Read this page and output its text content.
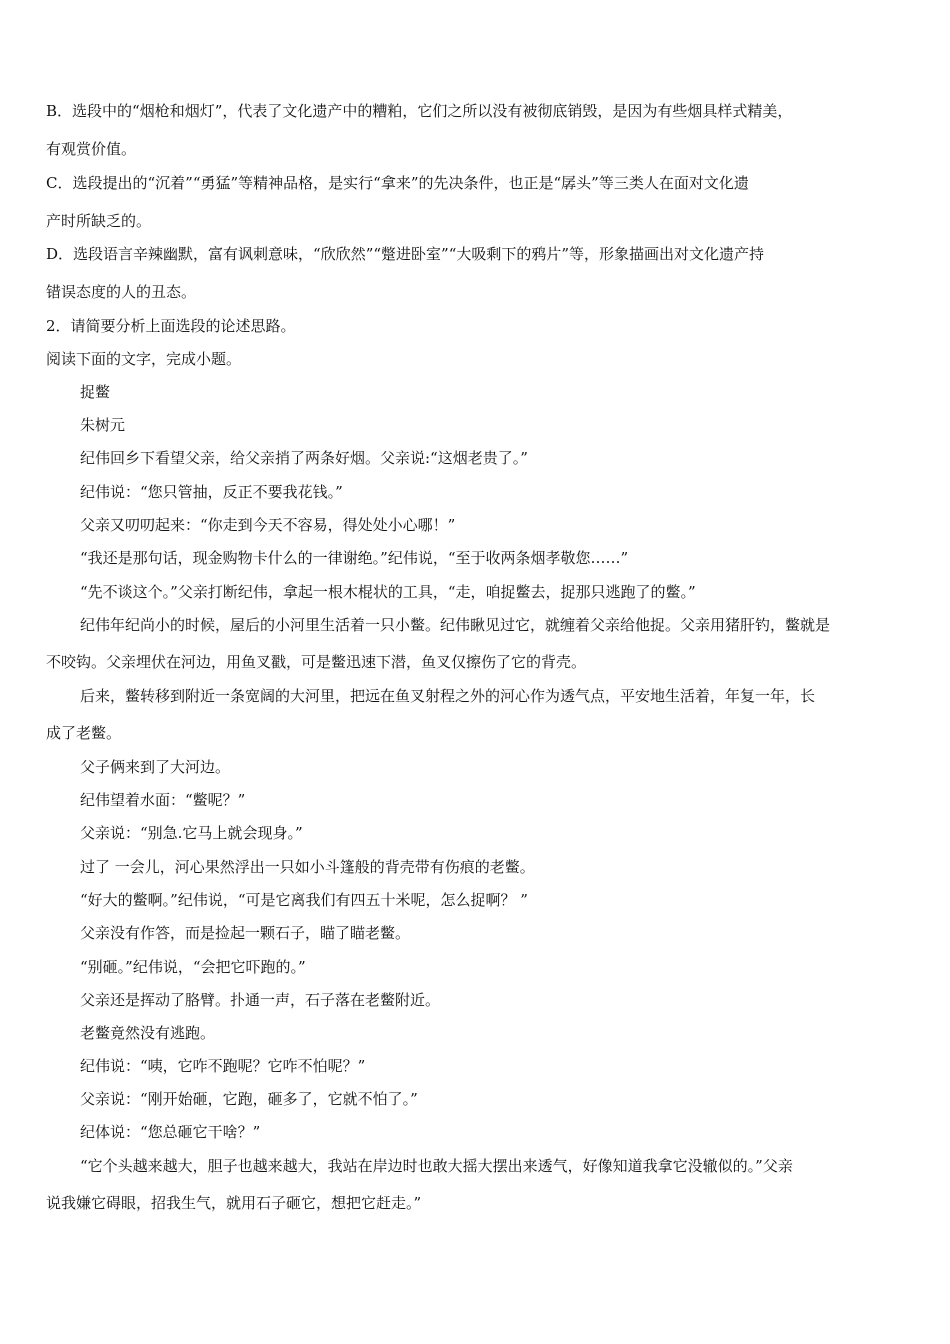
B．选段中的“烟枪和烟灯”，代表了文化遗产中的糟粕，它们之所以没有被彻底销毁，是因为有些烟具样式精美，
有观赏价值。
C．选段提出的“沉着”“勇猛”等精神品格，是实行“拿来”的先决条件，也正是“孱头”等三类人在面对文化遗
产时所缺乏的。
D．选段语言辛辣幽默，富有讽刺意味，“欣欣然”“蹩进卧室”“大吸剩下的鸦片”等，形象描画出对文化遗产持
错误态度的人的丑态。
2．请简要分析上面选段的论述思路。
阅读下面的文字，完成小题。
捉鳖
朱树元
纪伟回乡下看望父亲，给父亲捎了两条好烟。父亲说:“这烟老贵了。”
纪伟说：“您只管抽，反正不要我花钱。”
父亲又叨叨起来：“你走到今天不容易，得处处小心哪！”
“我还是那句话，现金购物卡什么的一律谢绝。”纪伟说，“至于收两条烟孝敬您……”
“先不谈这个。”父亲打断纪伟，拿起一根木棍状的工具，“走，咱捉鳖去，捉那只逃跑了的鳖。”
纪伟年纪尚小的时候，屋后的小河里生活着一只小鳖。纪伟瞅见过它，就缠着父亲给他捉。父亲用猪肝钓，鳖就是
不咬钩。父亲埋伏在河边，用鱼叉戳，可是鳖迅速下潜，鱼叉仅擦伤了它的背壳。
后来，鳖转移到附近一条宽阔的大河里，把远在鱼叉射程之外的河心作为透气点，平安地生活着，年复一年，长
成了老鳖。
父子俩来到了大河边。
纪伟望着水面：“鳖呢？”
父亲说：“别急.它马上就会现身。”
过了 一会儿，河心果然浮出一只如小斗篷般的背壳带有伤痕的老鳖。
“好大的鳖啊。”纪伟说，“可是它离我们有四五十米呢，怎么捉啊？ ”
父亲没有作答，而是捡起一颗石子，瞄了瞄老鳖。
“别砸。”纪伟说，“会把它吓跑的。”
父亲还是挥动了胳臂。扑通一声，石子落在老鳖附近。
老鳖竟然没有逃跑。
纪伟说：“咦，它咋不跑呢？它咋不怕呢？”
父亲说：“刚开始砸，它跑，砸多了，它就不怕了。”
纪体说：“您总砸它干啥？”
“它个头越来越大，胆子也越来越大，我站在岸边时也敢大摇大摆出来透气，好像知道我拿它没辙似的。”父亲
说我嫌它碍眼，招我生气，就用石子砸它，想把它赶走。”
